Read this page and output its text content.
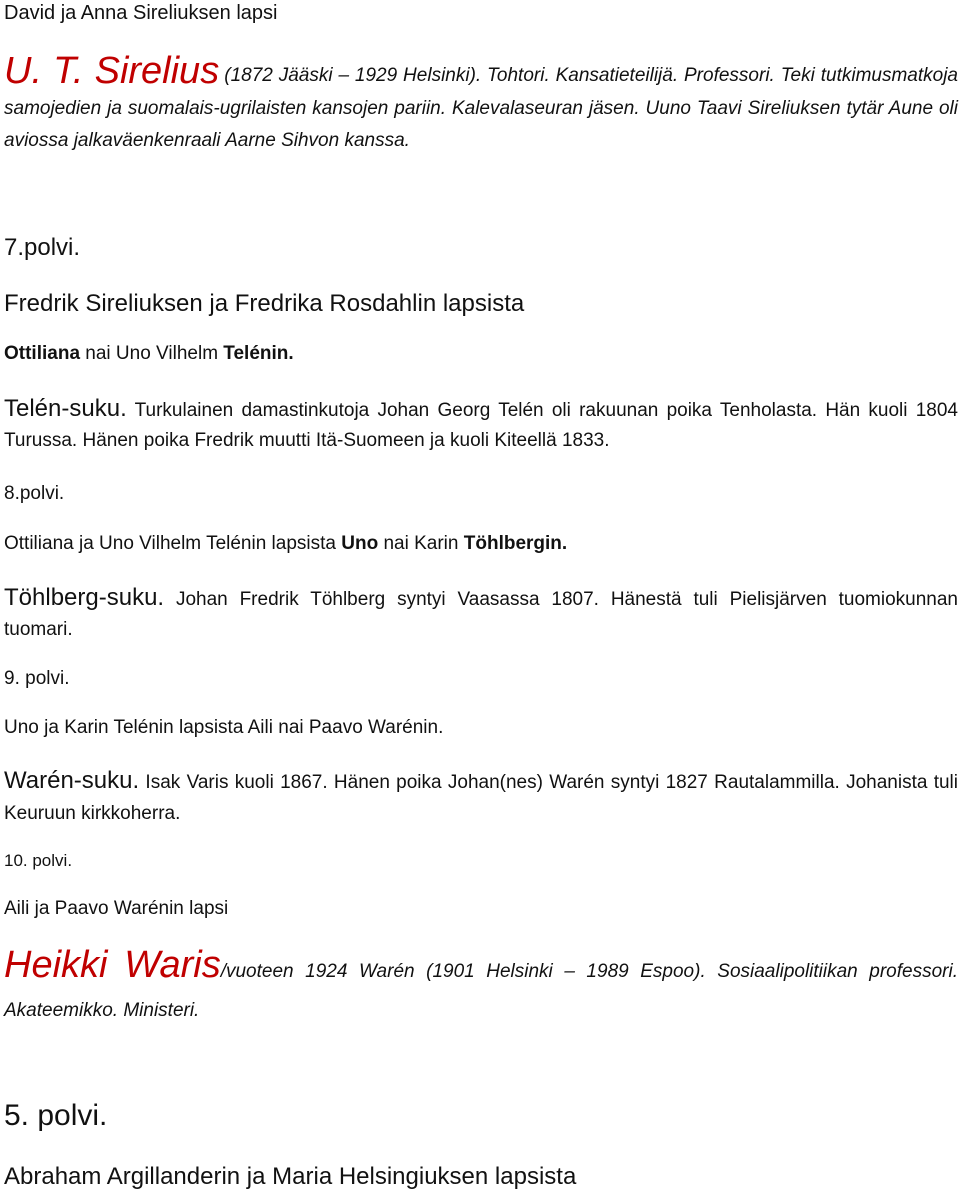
David ja Anna Sireliuksen lapsi
U. T. Sirelius (1872 Jääski – 1929 Helsinki). Tohtori. Kansatieteilijä. Professori. Teki tutkimusmatkoja
samojedien ja suomalais-ugrilaisten kansojen pariin. Kalevalaseuran jäsen. Uuno Taavi Sireliuksen tytär Aune oli
aviossa jalkaväenkenraali Aarne Sihvon kanssa.
7.polvi.
Fredrik Sireliuksen ja Fredrika Rosdahlin lapsista
Ottiliana nai Uno Vilhelm Telénin.
Telén-suku. Turkulainen damastinkutoja Johan Georg Telén oli rakuunan poika Tenholasta. Hän kuoli 1804
Turussa. Hänen poika Fredrik muutti Itä-Suomeen ja kuoli Kiteellä 1833.
8.polvi.
Ottiliana ja Uno Vilhelm Telénin lapsista Uno nai Karin Töhlbergin.
Töhlberg-suku. Johan Fredrik Töhlberg syntyi Vaasassa 1807. Hänestä tuli Pielisjärven tuomiokunnan
tuomari.
9. polvi.
Uno ja Karin Telénin lapsista Aili nai Paavo Warénin.
Warén-suku. Isak Varis kuoli 1867. Hänen poika Johan(nes) Warén syntyi 1827 Rautalammilla. Johanista tuli
Keuruun kirkkoherra.
10. polvi.
Aili ja Paavo Warénin lapsi
Heikki Waris/vuoteen 1924 Warén (1901 Helsinki – 1989 Espoo). Sosiaalipolitiikan professori.
Akateemikko. Ministeri.
5. polvi.
Abraham Argillanderin ja Maria Helsingiuksen lapsista
